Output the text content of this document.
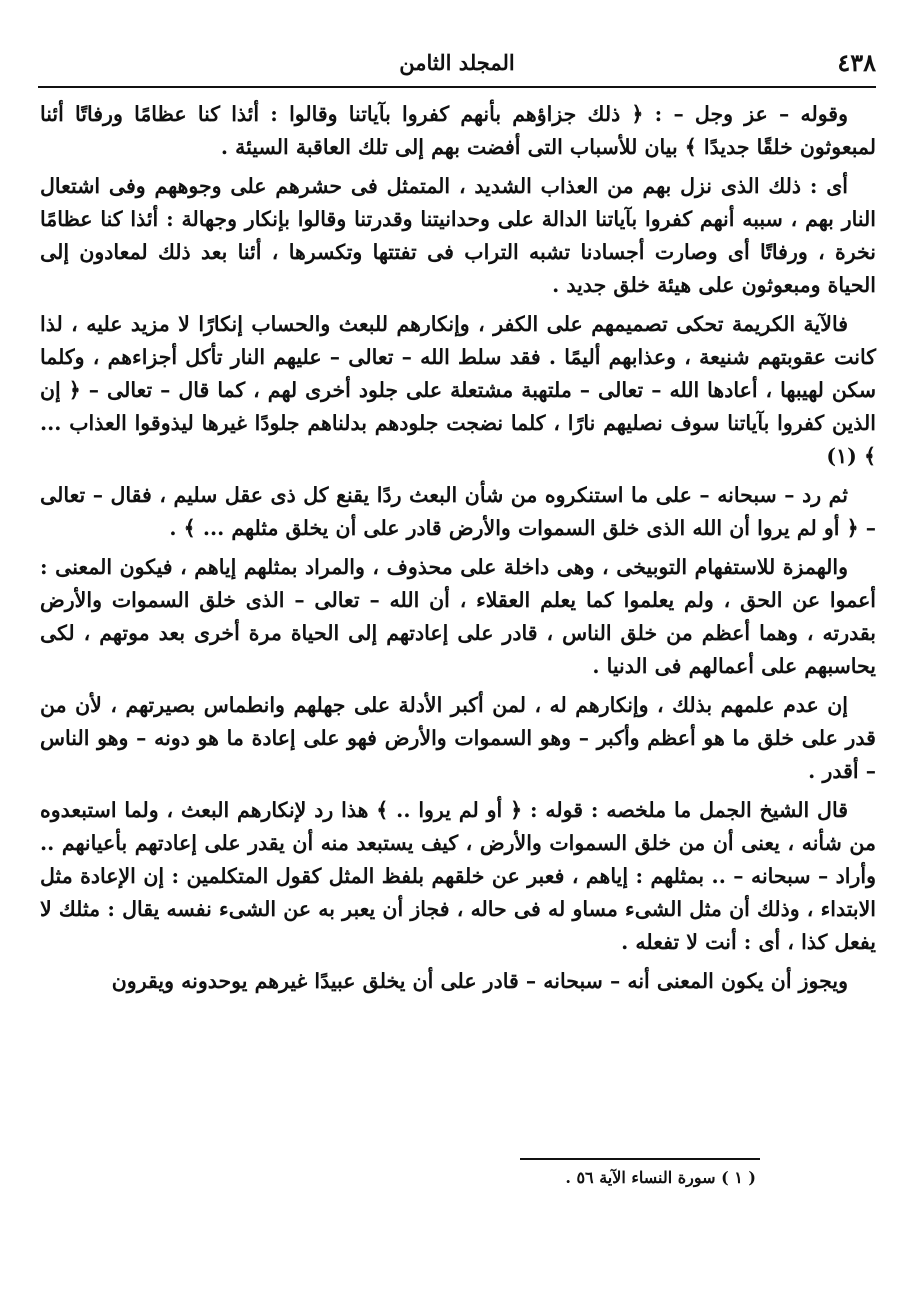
٤٣٨
المجلد الثامن

وقوله – عز وجل – : ﴿ ذلك جزاؤهم بأنهم كفروا بآياتنا وقالوا : أئذا كنا عظامًا ورفاتًا أئنا لمبعوثون خلقًا جديدًا ﴾ بيان للأسباب التى أفضت بهم إلى تلك العاقبة السيئة .

أى : ذلك الذى نزل بهم من العذاب الشديد ، المتمثل فى حشرهم على وجوههم وفى اشتعال النار بهم ، سببه أنهم كفروا بآياتنا الدالة على وحدانيتنا وقدرتنا وقالوا بإنكار وجهالة : أئذا كنا عظامًا نخرة ، ورفاتًا أى وصارت أجسادنا تشبه التراب فى تفتتها وتكسرها ، أئنا بعد ذلك لمعادون إلى الحياة ومبعوثون على هيئة خلق جديد .

فالآية الكريمة تحكى تصميمهم على الكفر ، وإنكارهم للبعث والحساب إنكارًا لا مزيد عليه ، لذا كانت عقوبتهم شنيعة ، وعذابهم أليمًا . فقد سلط الله – تعالى – عليهم النار تأكل أجزاءهم ، وكلما سكن لهيبها ، أعادها الله – تعالى – ملتهبة مشتعلة على جلود أخرى لهم ، كما قال – تعالى – ﴿ إن الذين كفروا بآياتنا سوف نصليهم نارًا ، كلما نضجت جلودهم بدلناهم جلودًا غيرها ليذوقوا العذاب ... ﴾ (١)

ثم رد – سبحانه – على ما استنكروه من شأن البعث ردًا يقنع كل ذى عقل سليم ، فقال – تعالى – ﴿ أو لم يروا أن الله الذى خلق السموات والأرض قادر على أن يخلق مثلهم ... ﴾ .

والهمزة للاستفهام التوبيخى ، وهى داخلة على محذوف ، والمراد بمثلهم إياهم ، فيكون المعنى : أعموا عن الحق ، ولم يعلموا كما يعلم العقلاء ، أن الله – تعالى – الذى خلق السموات والأرض بقدرته ، وهما أعظم من خلق الناس ، قادر على إعادتهم إلى الحياة مرة أخرى بعد موتهم ، لكى يحاسبهم على أعمالهم فى الدنيا .

إن عدم علمهم بذلك ، وإنكارهم له ، لمن أكبر الأدلة على جهلهم وانطماس بصيرتهم ، لأن من قدر على خلق ما هو أعظم وأكبر – وهو السموات والأرض فهو على إعادة ما هو دونه – وهو الناس – أقدر .

قال الشيخ الجمل ما ملخصه : قوله : ﴿ أو لم يروا .. ﴾ هذا رد لإنكارهم البعث ، ولما استبعدوه من شأنه ، يعنى أن من خلق السموات والأرض ، كيف يستبعد منه أن يقدر على إعادتهم بأعيانهم .. وأراد – سبحانه – .. بمثلهم : إياهم ، فعبر عن خلقهم بلفظ المثل كقول المتكلمين : إن الإعادة مثل الابتداء ، وذلك أن مثل الشىء مساو له فى حاله ، فجاز أن يعبر به عن الشىء نفسه يقال : مثلك لا يفعل كذا ، أى : أنت لا تفعله .

ويجوز أن يكون المعنى أنه – سبحانه – قادر على أن يخلق عبيدًا غيرهم يوحدونه ويقرون

( ١ ) سورة النساء الآية ٥٦ .
